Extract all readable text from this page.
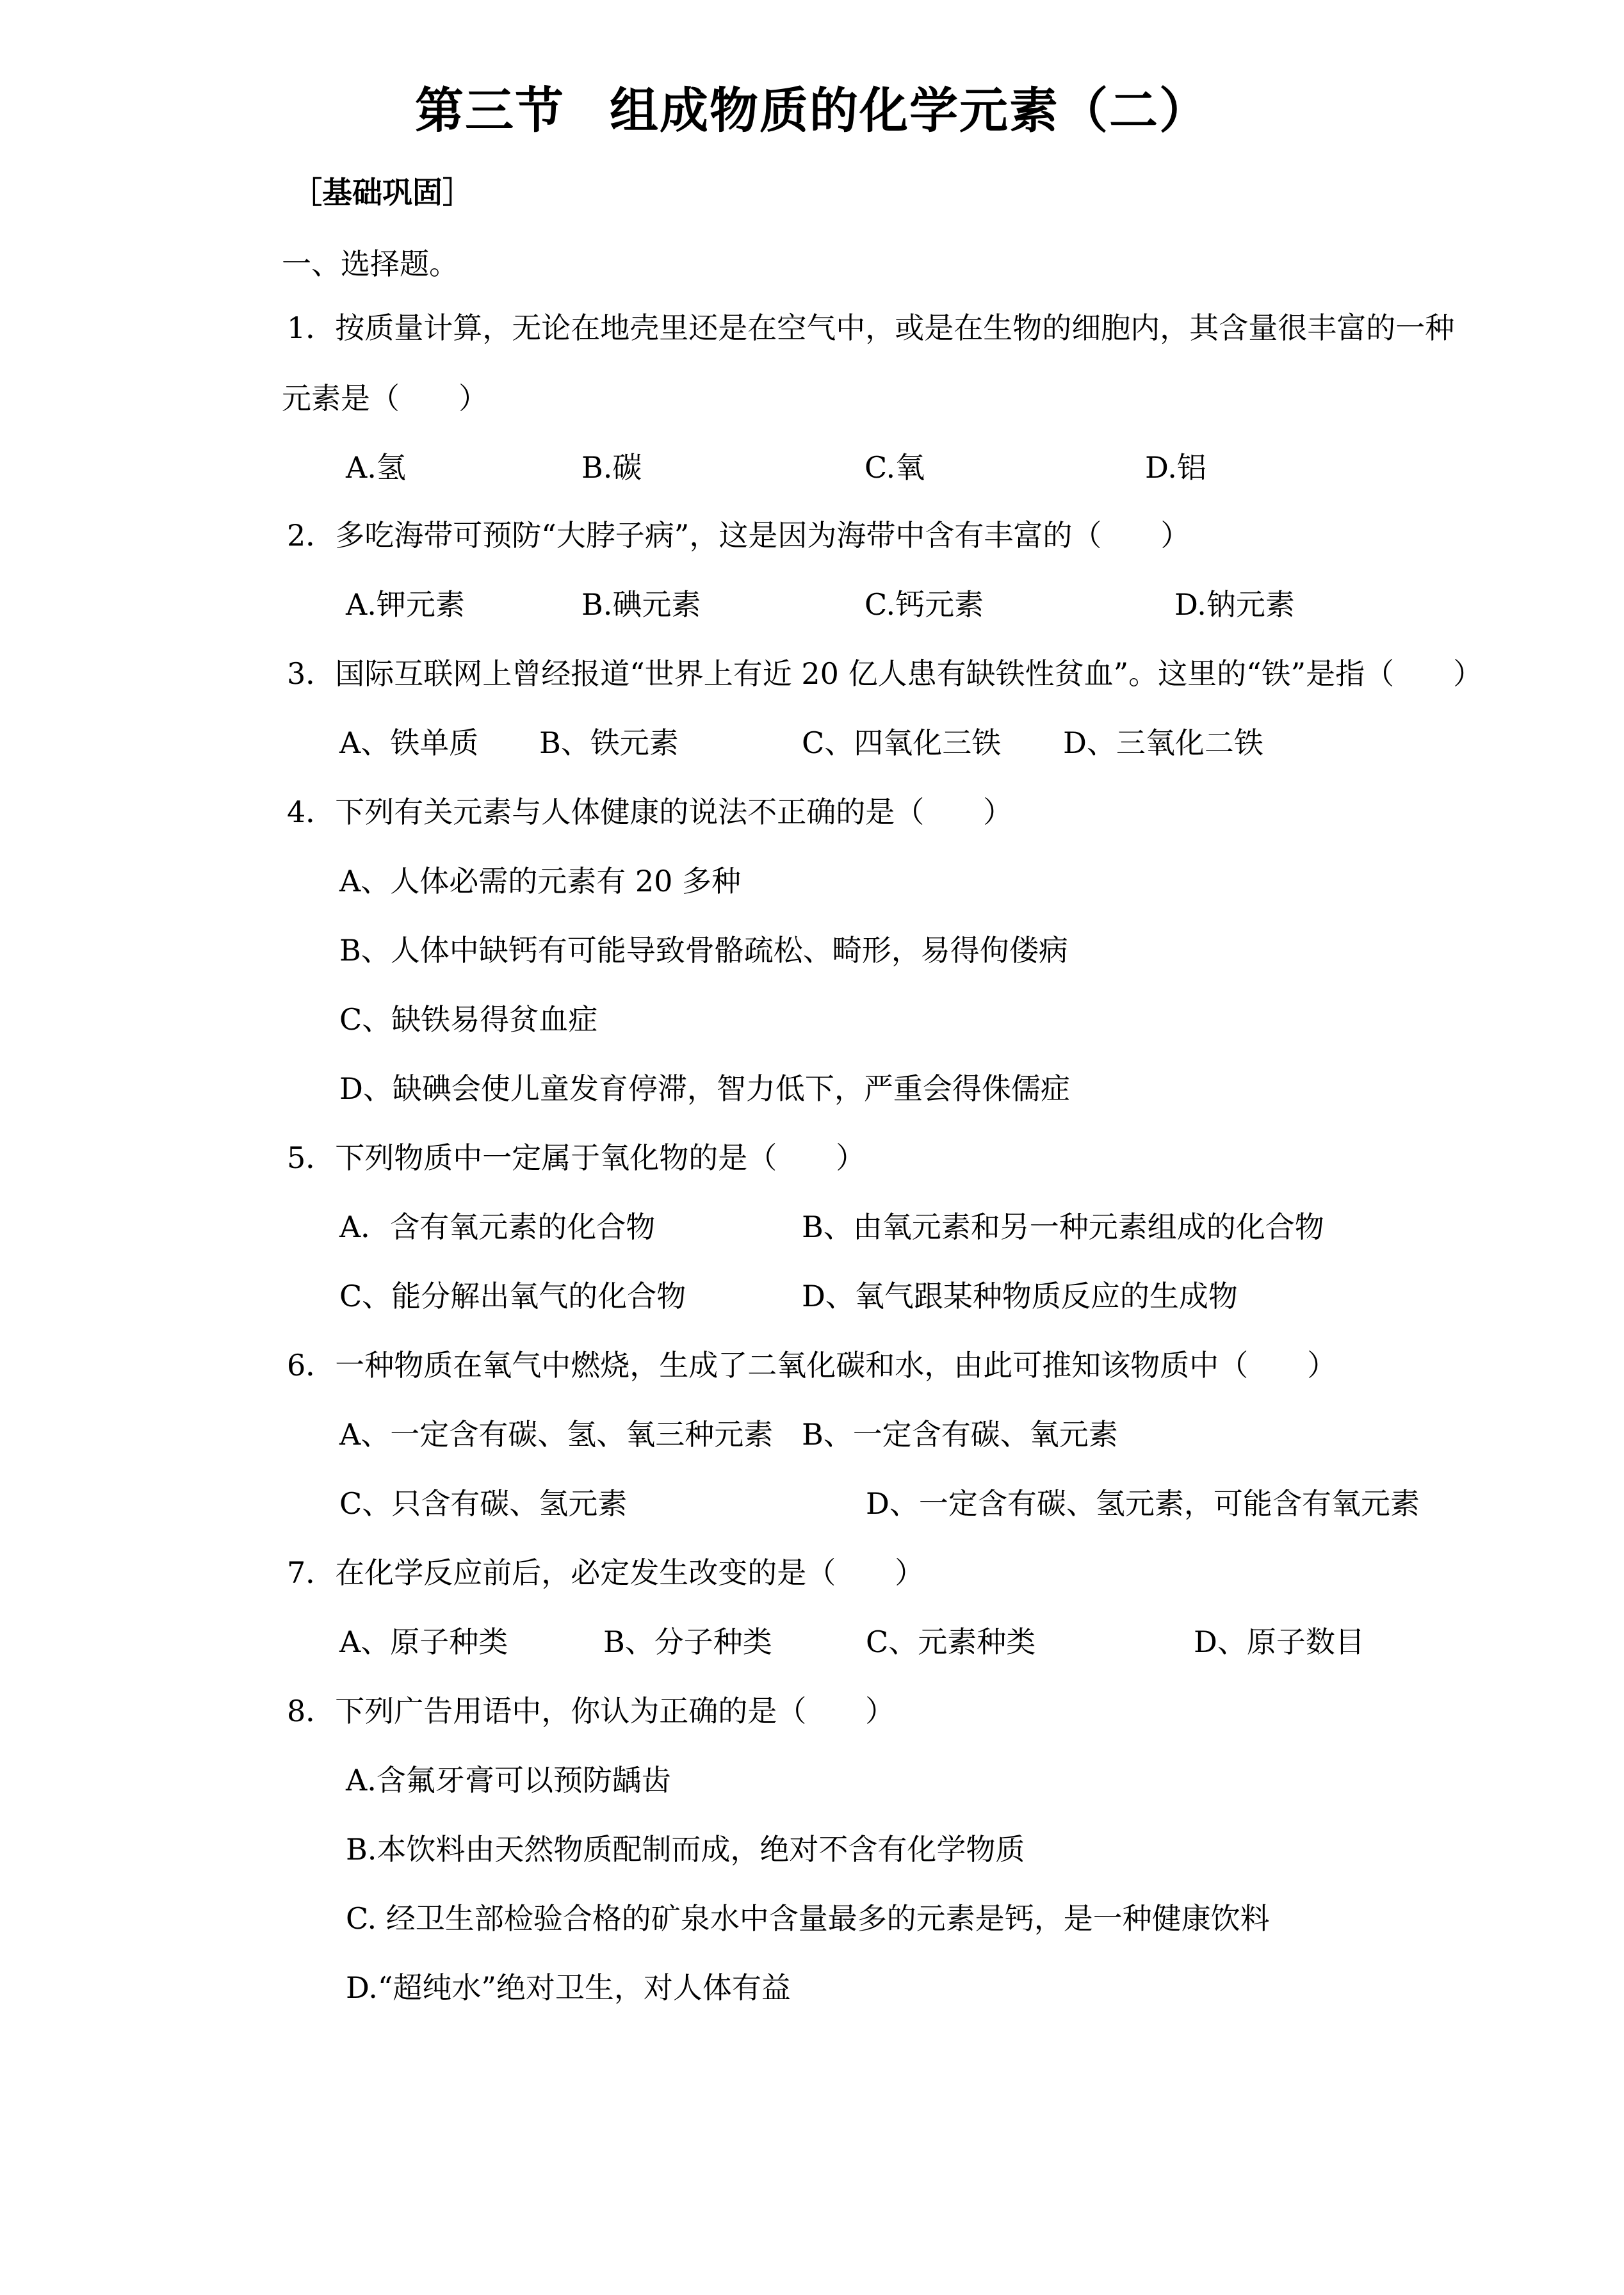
第三节 组成物质的化学元素（二）
［基础巩固］
一、选择题。
1．按质量计算，无论在地壳里还是在空气中，或是在生物的细胞内，其含量很丰富的一种
元素是（　　）
A.氢	B.碳	C.氧	D.铝
2．多吃海带可预防“大脖子病”，这是因为海带中含有丰富的（　　）
A.钾元素	B.碘元素	C.钙元素	D.钠元素
3．国际互联网上曾经报道“世界上有近 20 亿人患有缺铁性贫血”。这里的“铁”是指（　　）
A、铁单质 B、铁元素	C、四氧化三铁 D、三氧化二铁
4．下列有关元素与人体健康的说法不正确的是（　　）
A、人体必需的元素有 20 多种
B、人体中缺钙有可能导致骨骼疏松、畸形，易得佝偻病
C、缺铁易得贫血症
D、缺碘会使儿童发育停滞，智力低下，严重会得侏儒症
5．下列物质中一定属于氧化物的是（　　）
A．含有氧元素的化合物	B、由氧元素和另一种元素组成的化合物
C、能分解出氧气的化合物	D、氧气跟某种物质反应的生成物
6．一种物质在氧气中燃烧，生成了二氧化碳和水，由此可推知该物质中（　　）
A、一定含有碳、氢、氧三种元素 B、一定含有碳、氧元素
C、只含有碳、氢元素	D、一定含有碳、氢元素，可能含有氧元素
7．在化学反应前后，必定发生改变的是（　　）
A、原子种类	B、分子种类	C、元素种类	D、原子数目
8．下列广告用语中，你认为正确的是（　　）
A.含氟牙膏可以预防龋齿
B.本饮料由天然物质配制而成，绝对不含有化学物质
C. 经卫生部检验合格的矿泉水中含量最多的元素是钙，是一种健康饮料
D.“超纯水”绝对卫生，对人体有益
